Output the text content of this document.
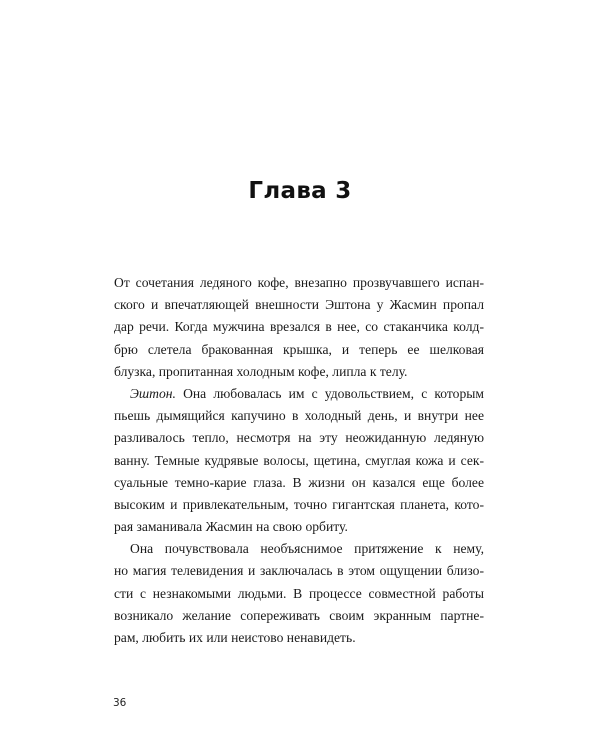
Глава 3
От сочетания ледяного кофе, внезапно прозвучавшего испан-
ского и впечатляющей внешности Эштона у Жасмин пропал
дар речи. Когда мужчина врезался в нее, со стаканчика колд-
брю слетела бракованная крышка, и теперь ее шелковая
блузка, пропитанная холодным кофе, липла к телу.
Эштон. Она любовалась им с удовольствием, с которым
пьешь дымящийся капучино в холодный день, и внутри нее
разливалось тепло, несмотря на эту неожиданную ледяную
ванну. Темные кудрявые волосы, щетина, смуглая кожа и сек-
суальные темно-карие глаза. В жизни он казался еще более
высоким и привлекательным, точно гигантская планета, кото-
рая заманивала Жасмин на свою орбиту.
Она почувствовала необъяснимое притяжение к нему,
но магия телевидения и заключалась в этом ощущении близо-
сти с незнакомыми людьми. В процессе совместной работы
возникало желание сопереживать своим экранным партне-
рам, любить их или неистово ненавидеть.
36
